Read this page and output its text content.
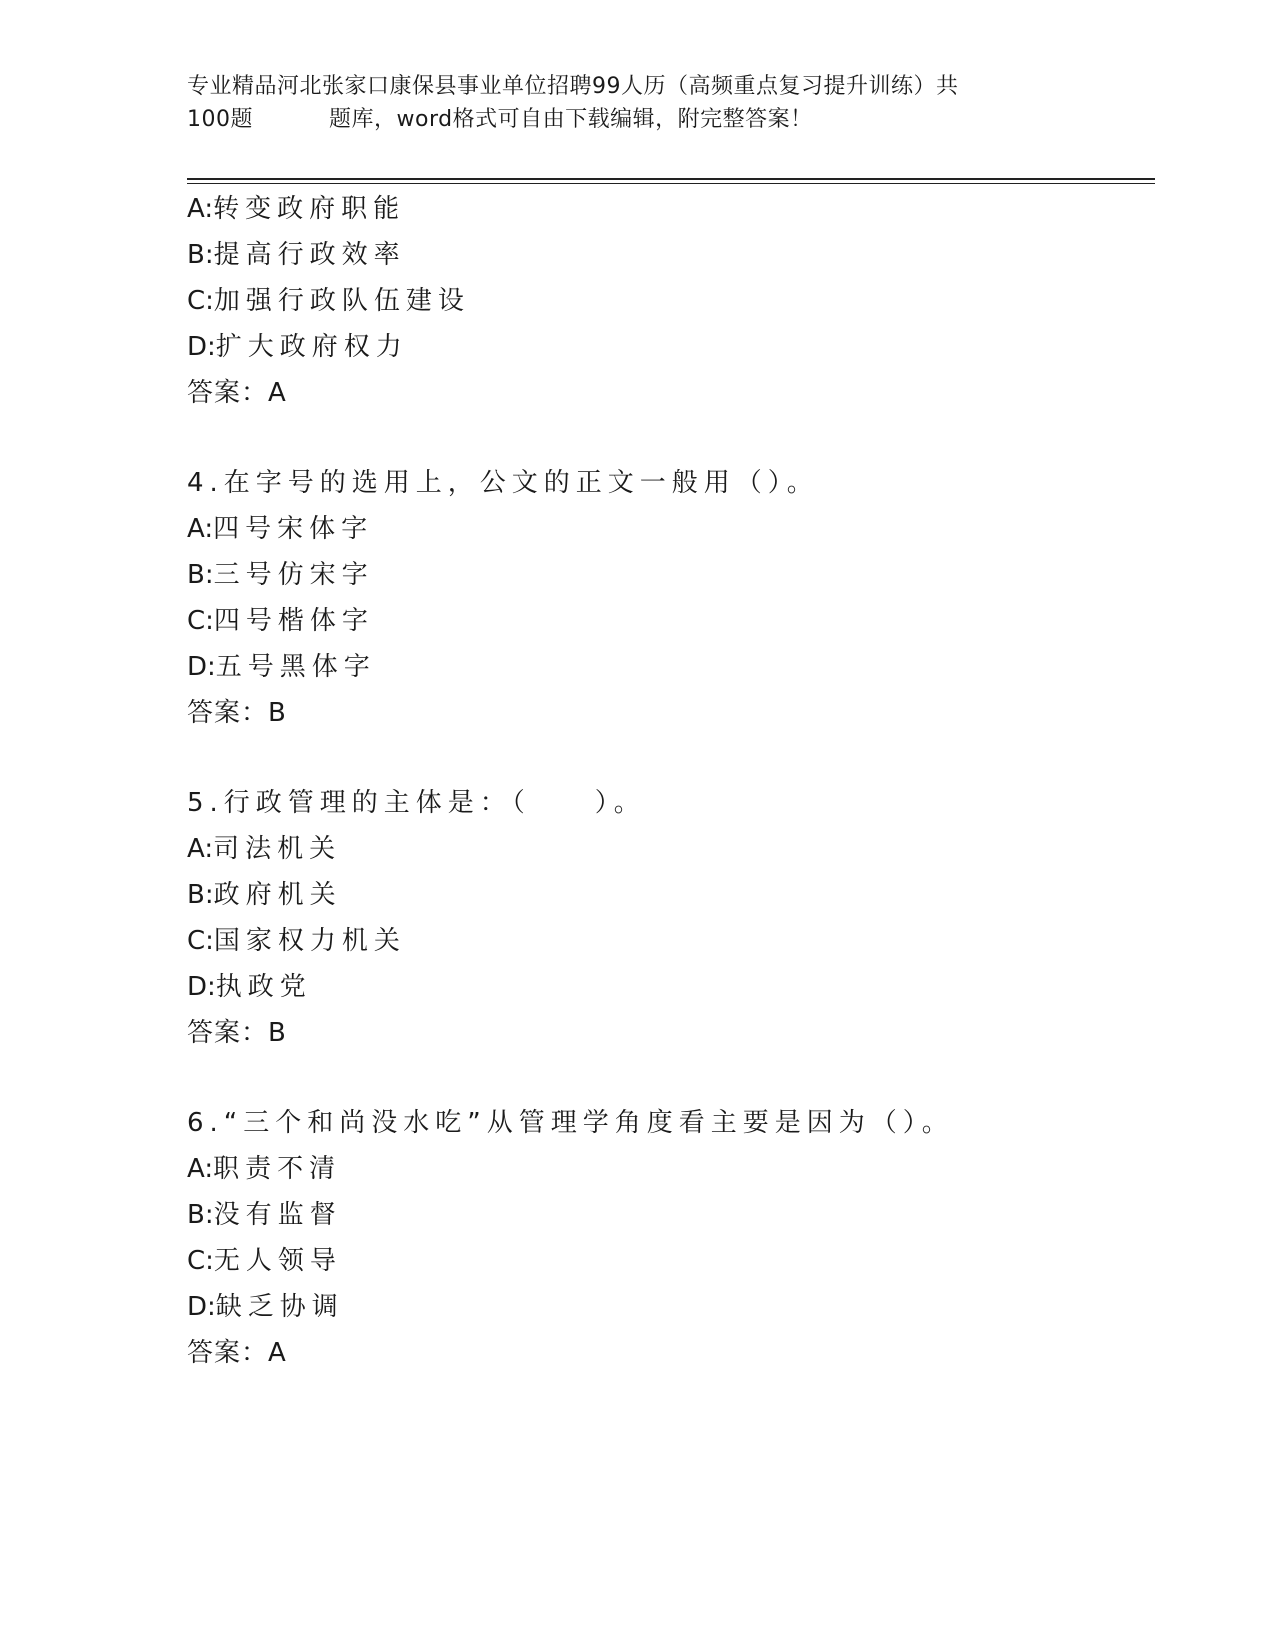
专业精品河北张家口康保县事业单位招聘99人历（高频重点复习提升训练）共
100题	题库，word格式可自由下载编辑，附完整答案！
A:转变政府职能
B:提高行政效率
C:加强行政队伍建设
D:扩大政府权力
答案：A
4.在字号的选用上，公文的正文一般用（）。
A:四号宋体字
B:三号仿宋字
C:四号楷体字
D:五号黑体字
答案：B
5.行政管理的主体是：（　　）。
A:司法机关
B:政府机关
C:国家权力机关
D:执政党
答案：B
6.“三个和尚没水吃”从管理学角度看主要是因为（）。
A:职责不清
B:没有监督
C:无人领导
D:缺乏协调
答案：A
